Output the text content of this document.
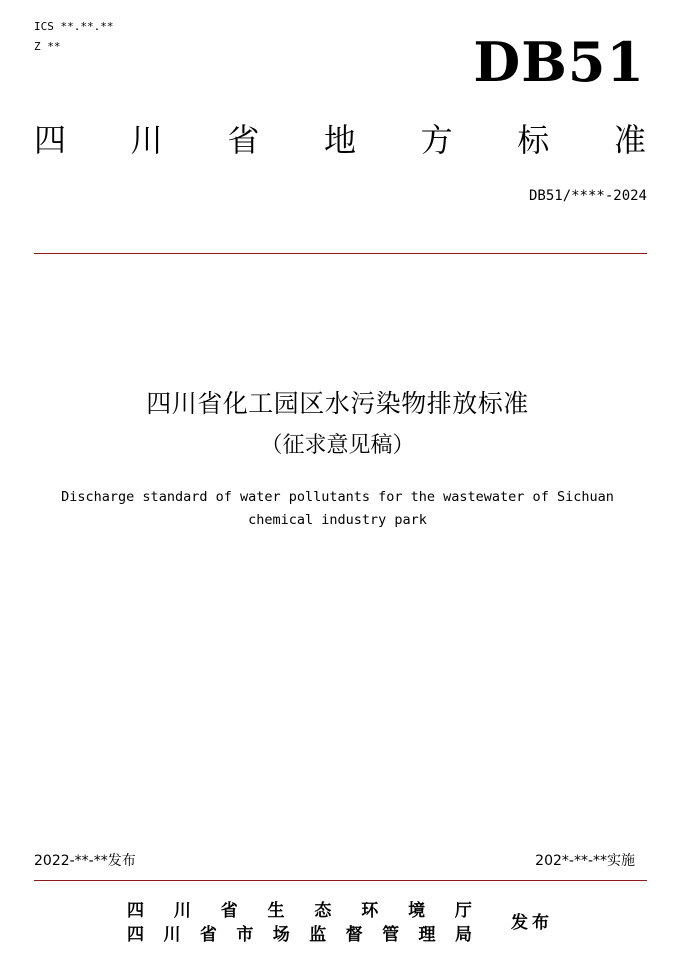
ICS **.**.**
Z **	DB51
四 川 省 地 方 标 准
DB51/****-2024
四川省化工园区水污染物排放标准
（征求意见稿）
Discharge standard of water pollutants for the wastewater of Sichuan
chemical industry park
2022-**-**发布	202*-**-**实施
四 川 省 生 态 环 境 厅
四 川 省 市 场 监 督 管 理 局
发布
